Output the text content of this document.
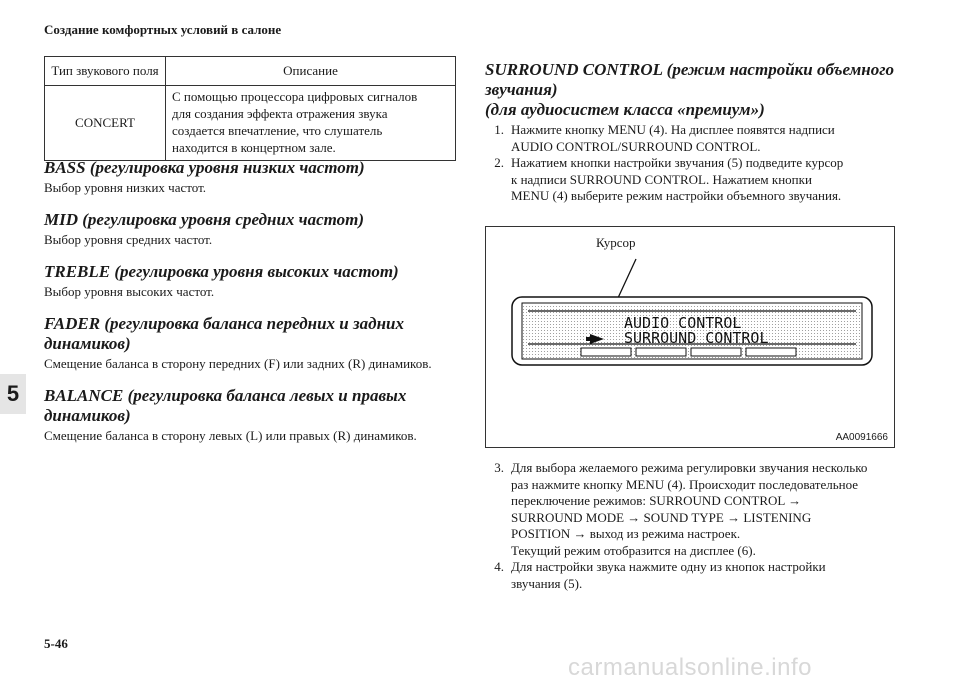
Создание комфортных условий в салоне
5
Тип звукового поля	Описание
CONCERT	С помощью процессора цифровых сигналов
для создания эффекта отражения звука
создается впечатление, что слушатель
находится в концертном зале.

BASS (регулировка уровня низких частот)

Выбор уровня низких частот.

MID (регулировка уровня средних частот)

Выбор уровня средних частот.

TREBLE (регулировка уровня высоких частот)

Выбор уровня высоких частот.

FADER (регулировка баланса передних и задних
динамиков)

Смещение баланса в сторону передних (F) или задних (R) динамиков.

BALANCE (регулировка баланса левых и правых
динамиков)

Смещение баланса в сторону левых (L) или правых (R) динамиков.

SURROUND CONTROL (режим настройки объемного
звучания)
(для аудиосистем класса «премиум»)

1. Нажмите кнопку MENU (4). На дисплее появятся надписи
AUDIO CONTROL/SURROUND CONTROL.
2. Нажатием кнопки настройки звучания (5) подведите курсор
к надписи SURROUND CONTROL. Нажатием кнопки
MENU (4) выберите режим настройки объемного звучания.
Курсор
AUDIO CONTROL
SURROUND CONTROL
AA0091666
3. Для выбора желаемого режима регулировки звучания несколько
раз нажмите кнопку MENU (4). Происходит последовательное
переключение режимов: SURROUND CONTROL →
SURROUND MODE → SOUND TYPE → LISTENING
POSITION → выход из режима настроек.
Текущий режим отобразится на дисплее (6).
4. Для настройки звука нажмите одну из кнопок настройки
звучания (5).
5-46
carmanualsonline.info
